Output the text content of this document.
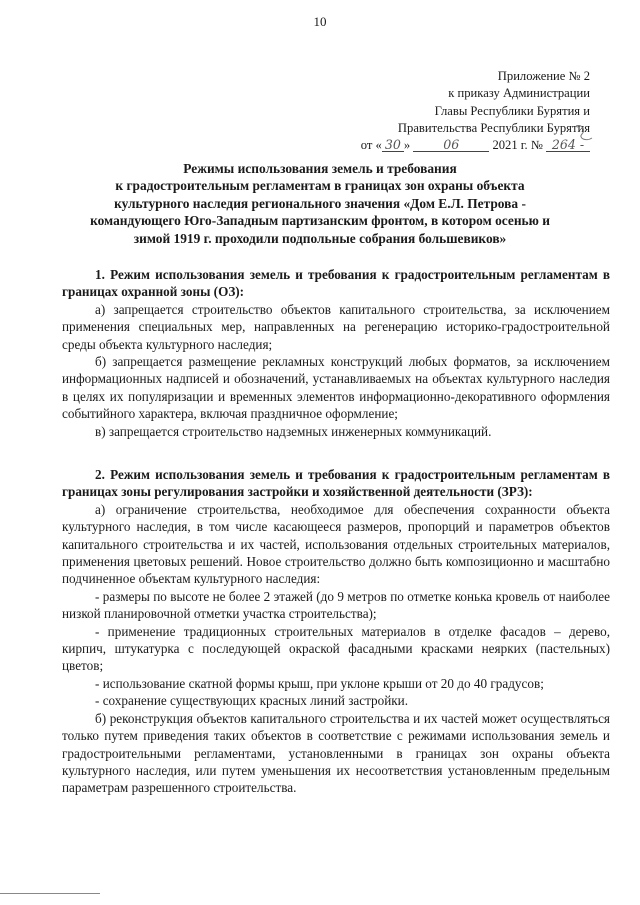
10
Приложение № 2
к приказу Администрации
Главы Республики Бурятия и
Правительства Республики Бурятия
от « 30 »	06	2021 г. № 264 -
Режимы использования земель и требования
к градостроительным регламентам в границах зон охраны объекта
культурного наследия регионального значения «Дом Е.Л. Петрова -
командующего Юго-Западным партизанским фронтом, в котором осенью и
зимой 1919 г. проходили подпольные собрания большевиков»

1. Режим использования земель и требования к градостроительным регламентам в границах охранной зоны (ОЗ):

а) запрещается строительство объектов капитального строительства, за исключением применения специальных мер, направленных на регенерацию историко-градостроительной среды объекта культурного наследия;

б) запрещается размещение рекламных конструкций любых форматов, за исключением информационных надписей и обозначений, устанавливаемых на объектах культурного наследия в целях их популяризации и временных элементов информационно-декоративного оформления событийного характера, включая праздничное оформление;

в) запрещается строительство надземных инженерных коммуникаций.

2. Режим использования земель и требования к градостроительным регламентам в границах зоны регулирования застройки и хозяйственной деятельности (ЗРЗ):

а) ограничение строительства, необходимое для обеспечения сохранности объекта культурного наследия, в том числе касающееся размеров, пропорций и параметров объектов капитального строительства и их частей, использования отдельных строительных материалов, применения цветовых решений. Новое строительство должно быть композиционно и масштабно подчиненное объектам культурного наследия:

- размеры по высоте не более 2 этажей (до 9 метров по отметке конька кровель от наиболее низкой планировочной отметки участка строительства);

- применение традиционных строительных материалов в отделке фасадов – дерево, кирпич, штукатурка с последующей окраской фасадными красками неярких (пастельных) цветов;

- использование скатной формы крыш, при уклоне крыши от 20 до 40 градусов;

- сохранение существующих красных линий застройки.

б) реконструкция объектов капитального строительства и их частей может осуществляться только путем приведения таких объектов в соответствие с режимами использования земель и градостроительными регламентами, установленными в границах зон охраны объекта культурного наследия, или путем уменьшения их несоответствия установленным предельным параметрам разрешенного строительства.
